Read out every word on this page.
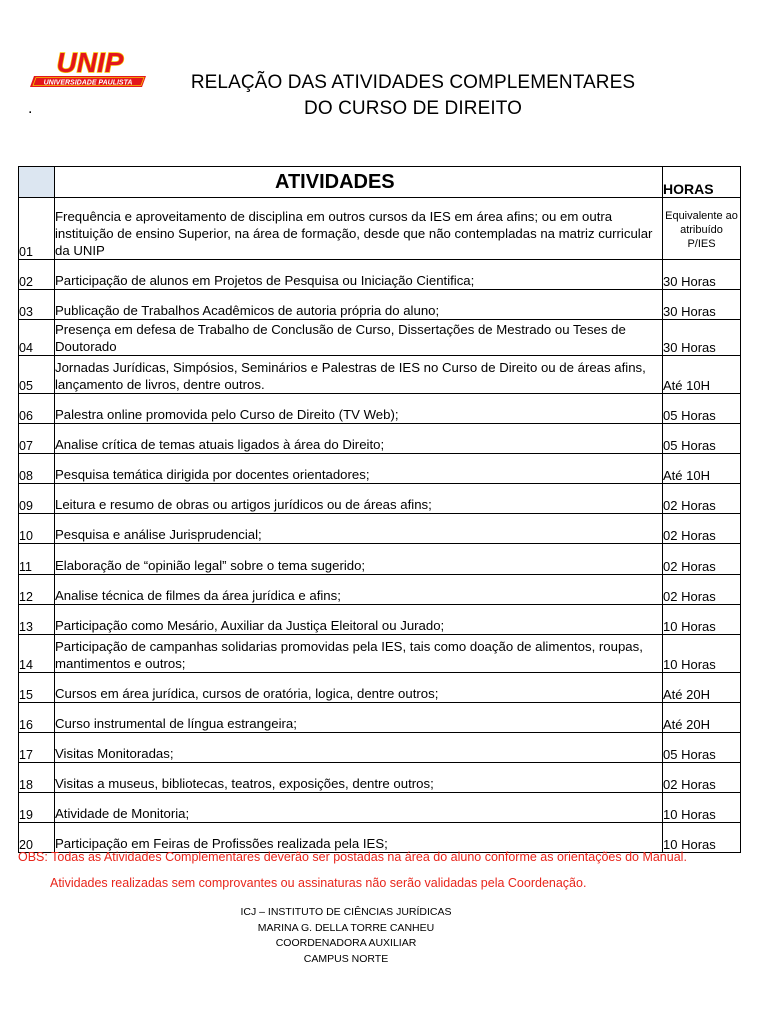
UNIP
UNIVERSIDADE PAULISTA
.
RELAÇÃO DAS ATIVIDADES COMPLEMENTARES
DO CURSO DE DIREITO

	ATIVIDADES	HORAS
01	Frequência e aproveitamento de disciplina em outros cursos da IES em área afins; ou em outra instituição de ensino Superior, na área de formação, desde que não contempladas na matriz curricular da UNIP	Equivalente ao atribuído P/IES
02	Participação de alunos em Projetos de Pesquisa ou Iniciação Cientifica;	30 Horas
03	Publicação de Trabalhos Acadêmicos de autoria própria do aluno;	30 Horas
04	Presença em defesa de Trabalho de Conclusão de Curso, Dissertações de Mestrado ou Teses de Doutorado	30 Horas
05	Jornadas Jurídicas, Simpósios, Seminários e Palestras de IES no Curso de Direito ou de áreas afins, lançamento de livros, dentre outros.	Até 10H
06	Palestra online promovida pelo Curso de Direito (TV Web);	05 Horas
07	Analise crítica de temas atuais ligados à área do Direito;	05 Horas
08	Pesquisa temática dirigida por docentes orientadores;	Até 10H
09	Leitura e resumo de obras ou artigos jurídicos ou de áreas afins;	02 Horas
10	Pesquisa e análise Jurisprudencial;	02 Horas
11	Elaboração de “opinião legal” sobre o tema sugerido;	02 Horas
12	Analise técnica de filmes da área jurídica e afins;	02 Horas
13	Participação como Mesário, Auxiliar da Justiça Eleitoral ou Jurado;	10 Horas
14	Participação de campanhas solidarias promovidas pela IES, tais como doação de alimentos, roupas, mantimentos e outros;	10 Horas
15	Cursos em área jurídica, cursos de oratória, logica, dentre outros;	Até 20H
16	Curso instrumental de língua estrangeira;	Até 20H
17	Visitas Monitoradas;	05 Horas
18	Visitas a museus, bibliotecas, teatros, exposições, dentre outros;	02 Horas
19	Atividade de Monitoria;	10 Horas
20	Participação em Feiras de Profissões realizada pela IES;	10 Horas
OBS: Todas as Atividades Complementares deverão ser postadas na área do aluno conforme as orientações do Manual.
Atividades realizadas sem comprovantes ou assinaturas não serão validadas pela Coordenação.
ICJ – INSTITUTO DE CIÊNCIAS JURÍDICAS
MARINA G. DELLA TORRE CANHEU
COORDENADORA AUXILIAR
CAMPUS NORTE
